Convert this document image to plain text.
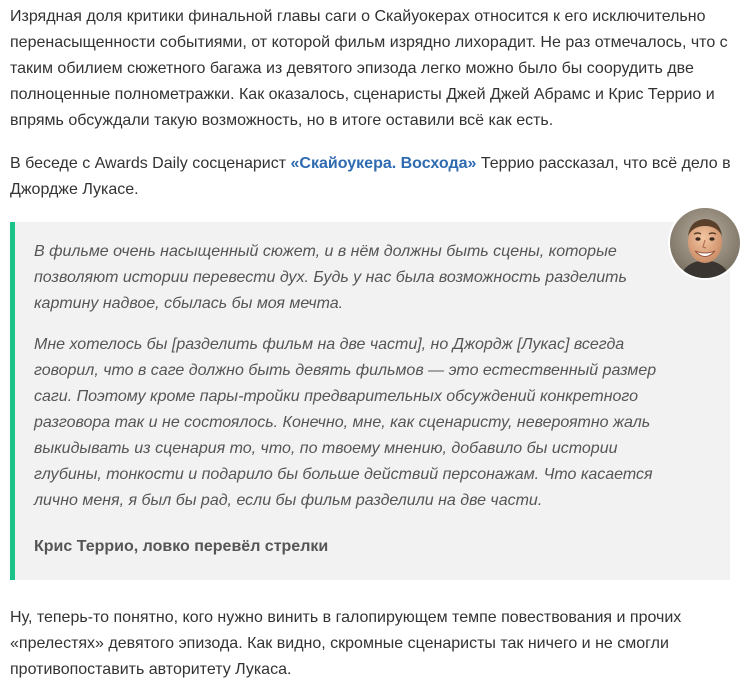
Изрядная доля критики финальной главы саги о Скайуокерах относится к его исключительно перенасыщенности событиями, от которой фильм изрядно лихорадит. Не раз отмечалось, что с таким обилием сюжетного багажа из девятого эпизода легко можно было бы соорудить две полноценные полнометражки. Как оказалось, сценаристы Джей Джей Абрамс и Крис Террио и впрямь обсуждали такую возможность, но в итоге оставили всё как есть.

В беседе с Awards Daily сосценарист «Скайоукера. Восхода» Террио рассказал, что всё дело в Джордже Лукасе.

В фильме очень насыщенный сюжет, и в нём должны быть сцены, которые позволяют истории перевести дух. Будь у нас была возможность разделить картину надвое, сбылась бы моя мечта.

Мне хотелось бы [разделить фильм на две части], но Джордж [Лукас] всегда говорил, что в саге должно быть девять фильмов — это естественный размер саги. Поэтому кроме пары-тройки предварительных обсуждений конкретного разговора так и не состоялось. Конечно, мне, как сценаристу, невероятно жаль выкидывать из сценария то, что, по твоему мнению, добавило бы истории глубины, тонкости и подарило бы больше действий персонажам. Что касается лично меня, я был бы рад, если бы фильм разделили на две части.

Крис Террио, ловко перевёл стрелки

Ну, теперь-то понятно, кого нужно винить в галопирующем темпе повествования и прочих «прелестях» девятого эпизода. Как видно, скромные сценаристы так ничего и не смогли противопоставить авторитету Лукаса.
